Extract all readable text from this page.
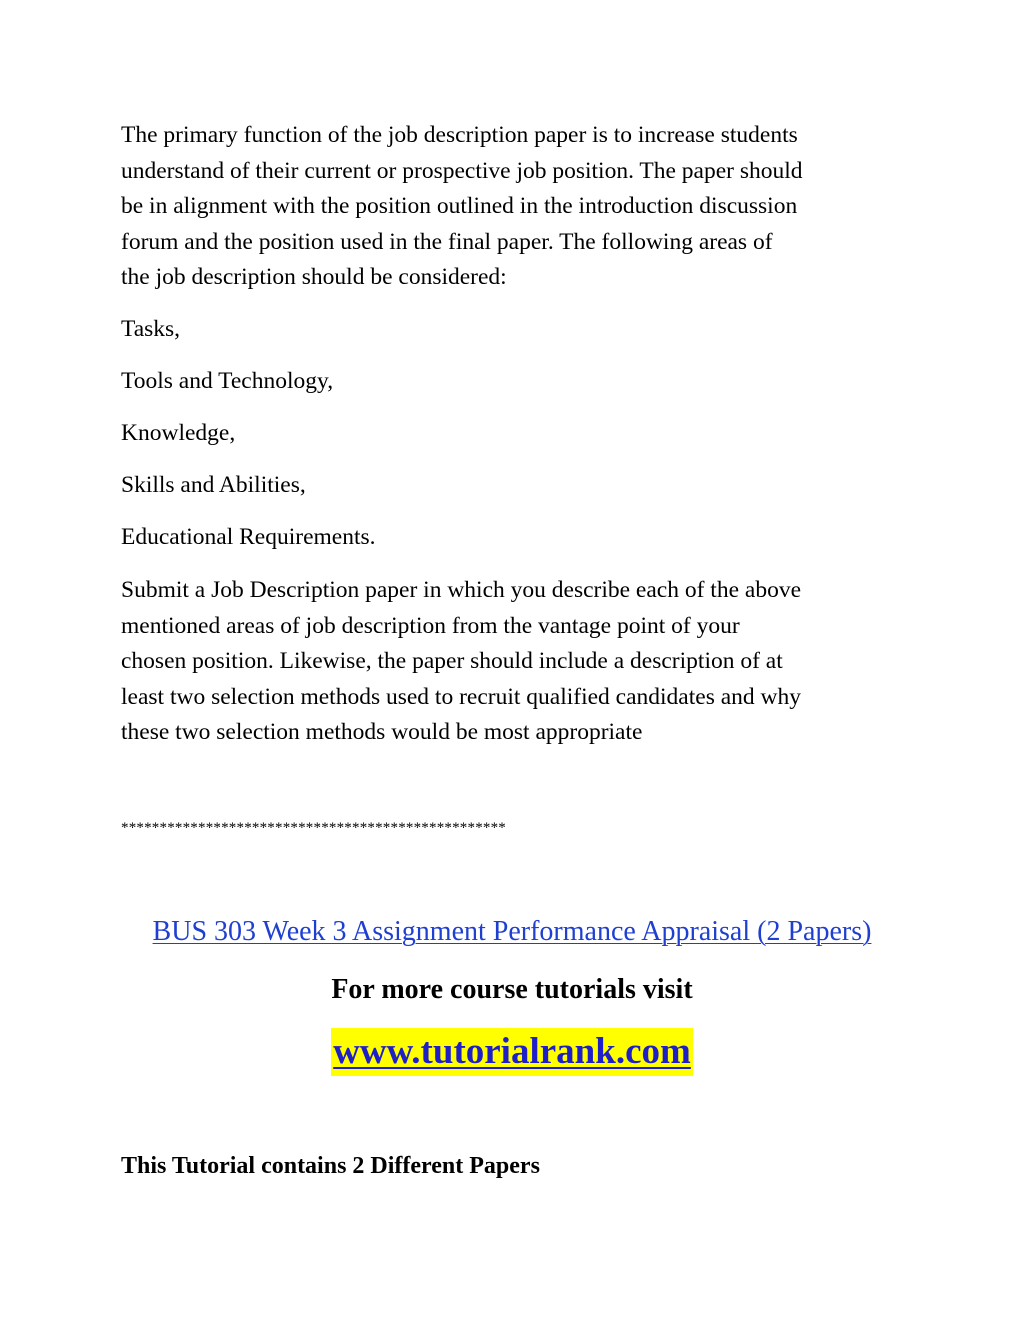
The primary function of the job description paper is to increase students
understand of their current or prospective job position. The paper should
be in alignment with the position outlined in the introduction discussion
forum and the position used in the final paper. The following areas of
the job description should be considered:

Tasks,

Tools and Technology,

Knowledge,

Skills and Abilities,

Educational Requirements.

Submit a Job Description paper in which you describe each of the above
mentioned areas of job description from the vantage point of your
chosen position. Likewise, the paper should include a description of at
least two selection methods used to recruit qualified candidates and why
these two selection methods would be most appropriate

**************************************************

BUS 303 Week 3 Assignment Performance Appraisal (2 Papers)

For more course tutorials visit

www.tutorialrank.com

This Tutorial contains 2 Different Papers
